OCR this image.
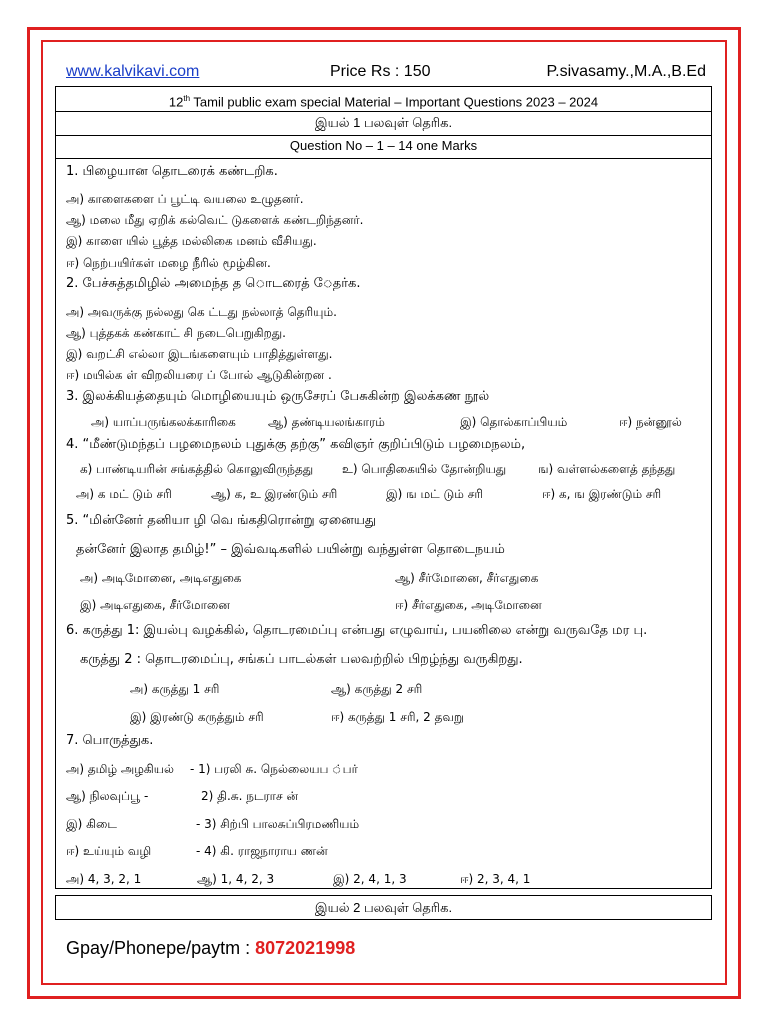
www.kalvikavi.com	Price Rs : 150	P.sivasamy.,M.A.,B.Ed
12th Tamil public exam special Material – Important Questions 2023 – 2024
இயல் 1 பலவுள் தெரிக.
Question No – 1 – 14 one Marks
1. பிழையான தொடரைக் கண்டறிக.
அ) காளைகளை ப் பூட்டி வயலை உழுதனர்.
ஆ) மலை மீது ஏறிக் கல்வெட் டுகளைக் கண்டறிந்தனர்.
இ) காளை யில் பூத்த மல்லிகை மனம் வீசியது.
ஈ) நெற்பயிர்கள் மழை நீரில் மூழ்கின.
2. பேச்சுத்தமிழில் அமைந்த த ொடரைத் ேதர்க.
அ) அவருக்கு நல்லது கெ ட்டது நல்லாத் தெரியும்.
ஆ) புத்தகக் கண்காட் சி நடைபெறுகிறது.
இ) வறட்சி எல்லா இடங்களையும் பாதித்துள்ளது.
ஈ) மயில்க ள் விறலியரை ப் போல் ஆடுகின்றன .
3. இலக்கியத்தையும் மொழியையும் ஒருசேரப் பேசுகின்ற இலக்கண நூல்
அ) யாப்பருங்கலக்காரிகை	ஆ) தண்டியலங்காரம்	இ) தொல்காப்பியம்	ஈ) நன்னூல்
4. “மீண்டுமந்தப் பழமைநலம் புதுக்கு தற்கு” கவிஞர் குறிப்பிடும் பழமைநலம்,
க) பாண்டியரின் சங்கத்தில் கொலுவிருந்தது உ) பொதிகையில் தோன்றியது	ங) வள்ளல்களைத் தந்தது
அ) க மட் டும் சரி	ஆ) க, உ இரண்டும் சரி	இ) ங மட் டும் சரி	ஈ) க, ங இரண்டும் சரி
5. “மின்னேர் தனியா ழி வெ ங்கதிரொன்று ஏனையது
தன்னேர் இலாத தமிழ்!” – இவ்வடிகளில் பயின்று வந்துள்ள தொடைநயம்
அ) அடிமோனை, அடிஎதுகை	ஆ) சீர்மோனை, சீர்எதுகை
இ) அடிஎதுகை, சீர்மோனை	ஈ) சீர்எதுகை, அடிமோனை
6. கருத்து 1: இயல்பு வழக்கில், தொடரமைப்பு என்பது எழுவாய், பயனிலை என்று வருவதே மர பு.
கருத்து 2 : தொடரமைப்பு, சங்கப் பாடல்கள் பலவற்றில் பிறழ்ந்து வருகிறது.
அ) கருத்து 1 சரி	ஆ) கருத்து 2 சரி
இ) இரண்டு கருத்தும் சரி	ஈ) கருத்து 1 சரி, 2 தவறு
7. பொருத்துக.
அ) தமிழ் அழகியல் - 1) பரலி சு. நெல்லையப ்பர்
ஆ) நிலவுப்பூ -	2) தி.சு. நடராச ன்
இ) கிடை	- 3) சிற்பி பாலசுப்பிரமணியம்
ஈ) உய்யும் வழி	- 4) கி. ராஜநாராய ணன்
அ) 4, 3, 2, 1	ஆ) 1, 4, 2, 3	இ) 2, 4, 1, 3	ஈ) 2, 3, 4, 1
இயல் 2 பலவுள் தெரிக.
Gpay/Phonepe/paytm : 8072021998
